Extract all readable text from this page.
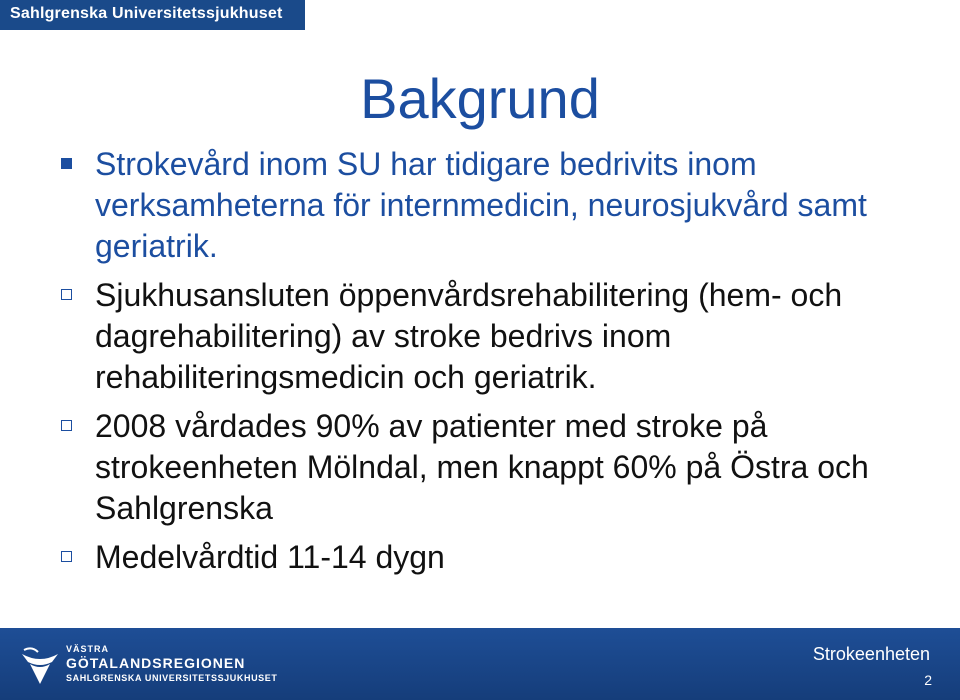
Sahlgrenska Universitetssjukhuset
Bakgrund
Strokevård inom SU har tidigare bedrivits inom verksamheterna för internmedicin, neurosjukvård samt geriatrik.
Sjukhusansluten öppenvårdsrehabilitering (hem- och dagrehabilitering) av stroke bedrivs inom rehabiliteringsmedicin och geriatrik.
2008 vårdades 90% av patienter med stroke på strokeenheten Mölndal, men knappt 60% på Östra och Sahlgrenska
Medelvårdtid 11-14 dygn
VÄSTRA
GÖTALANDSREGIONEN
SAHLGRENSKA UNIVERSITETSSJUKHUSET
Strokeenheten
2
